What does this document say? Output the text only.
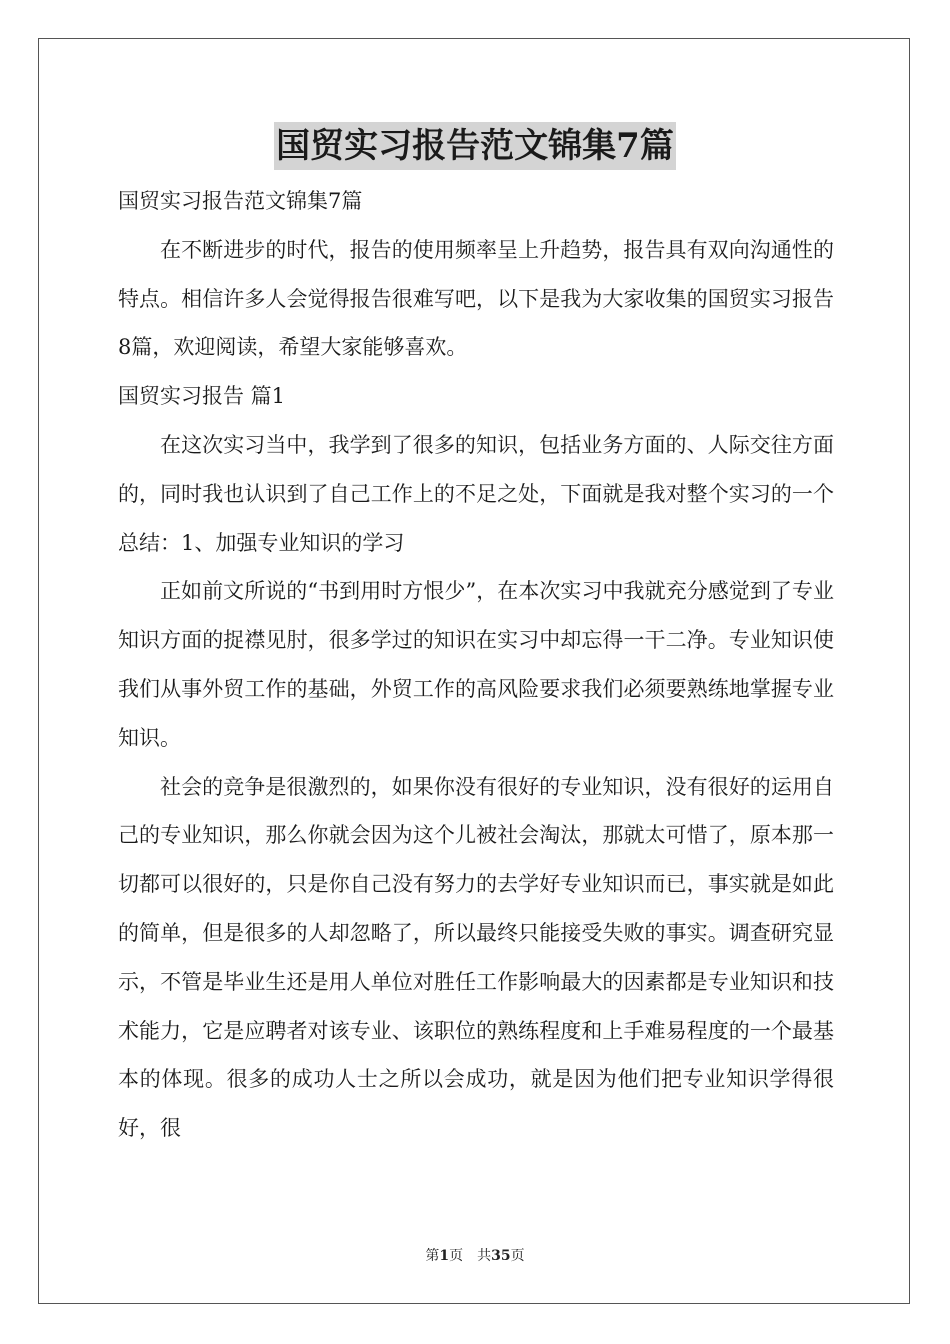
国贸实习报告范文锦集7篇

国贸实习报告范文锦集7篇

在不断进步的时代，报告的使用频率呈上升趋势，报告具有双向沟通性的特点。相信许多人会觉得报告很难写吧，以下是我为大家收集的国贸实习报告8篇，欢迎阅读，希望大家能够喜欢。

国贸实习报告 篇1

在这次实习当中，我学到了很多的知识，包括业务方面的、人际交往方面的，同时我也认识到了自己工作上的不足之处，下面就是我对整个实习的一个总结：1、加强专业知识的学习

正如前文所说的“书到用时方恨少”，在本次实习中我就充分感觉到了专业知识方面的捉襟见肘，很多学过的知识在实习中却忘得一干二净。专业知识使我们从事外贸工作的基础，外贸工作的高风险要求我们必须要熟练地掌握专业知识。

社会的竞争是很激烈的，如果你没有很好的专业知识，没有很好的运用自己的专业知识，那么你就会因为这个儿被社会淘汰，那就太可惜了，原本那一切都可以很好的，只是你自己没有努力的去学好专业知识而已，事实就是如此的简单，但是很多的人却忽略了，所以最终只能接受失败的事实。调查研究显示，不管是毕业生还是用人单位对胜任工作影响最大的因素都是专业知识和技术能力，它是应聘者对该专业、该职位的熟练程度和上手难易程度的一个最基本的体现。很多的成功人士之所以会成功，就是因为他们把专业知识学得很好，很

第1页　共35页
